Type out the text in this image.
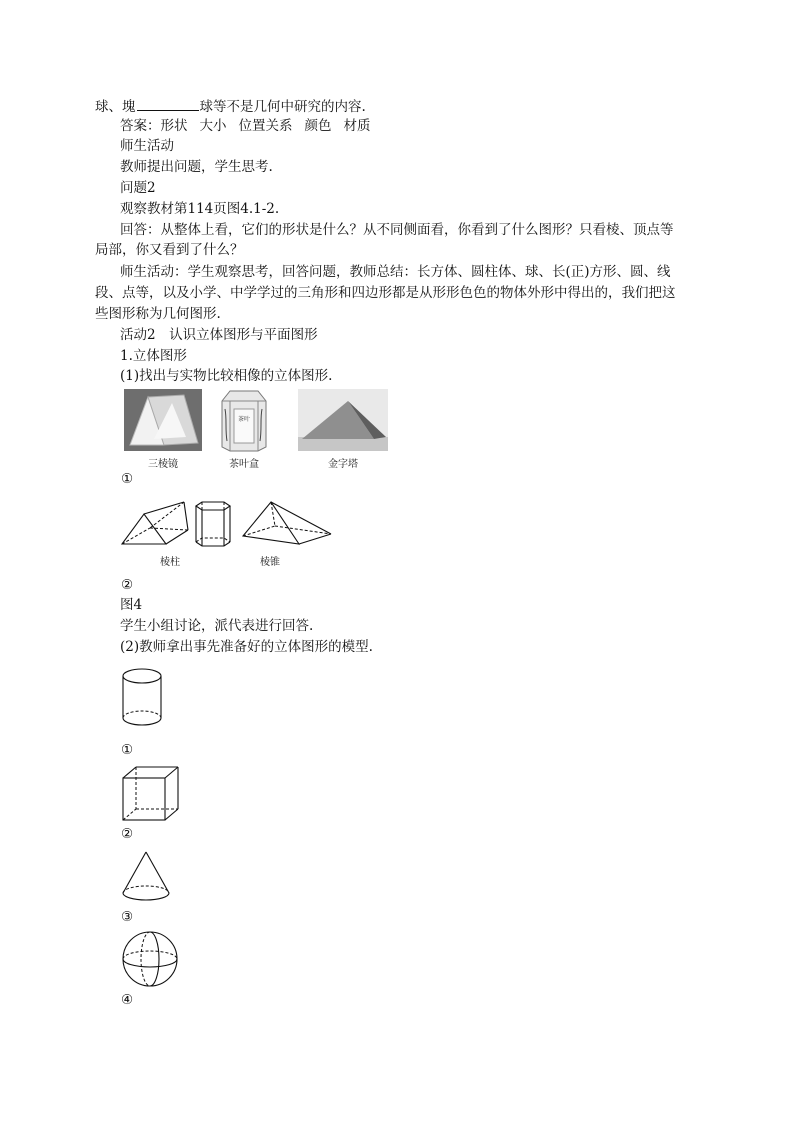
球、塊	球等不是几何中研究的内容.
答案：形状 大小 位置关系 颜色 材质
师生活动
教师提出问题，学生思考.
问题2
观察教材第114页图4.1-2.
回答：从整体上看，它们的形状是什么？从不同侧面看，你看到了什么图形？只看棱、顶点等
局部，你又看到了什么？
师生活动：学生观察思考，回答问题，教师总结：长方体、圆柱体、球、长(正)方形、圆、线
段、点等，以及小学、中学学过的三角形和四边形都是从形形色色的物体外形中得出的，我们把这
些图形称为几何图形.
活动2　认识立体图形与平面图形
1.立体图形
(1)找出与实物比较相像的立体图形.
三棱镜
茶叶
茶叶盒	金字塔
①
棱柱	棱锥
②
图4
学生小组讨论，派代表进行回答.
(2)教师拿出事先准备好的立体图形的模型.
①
②
③
④
